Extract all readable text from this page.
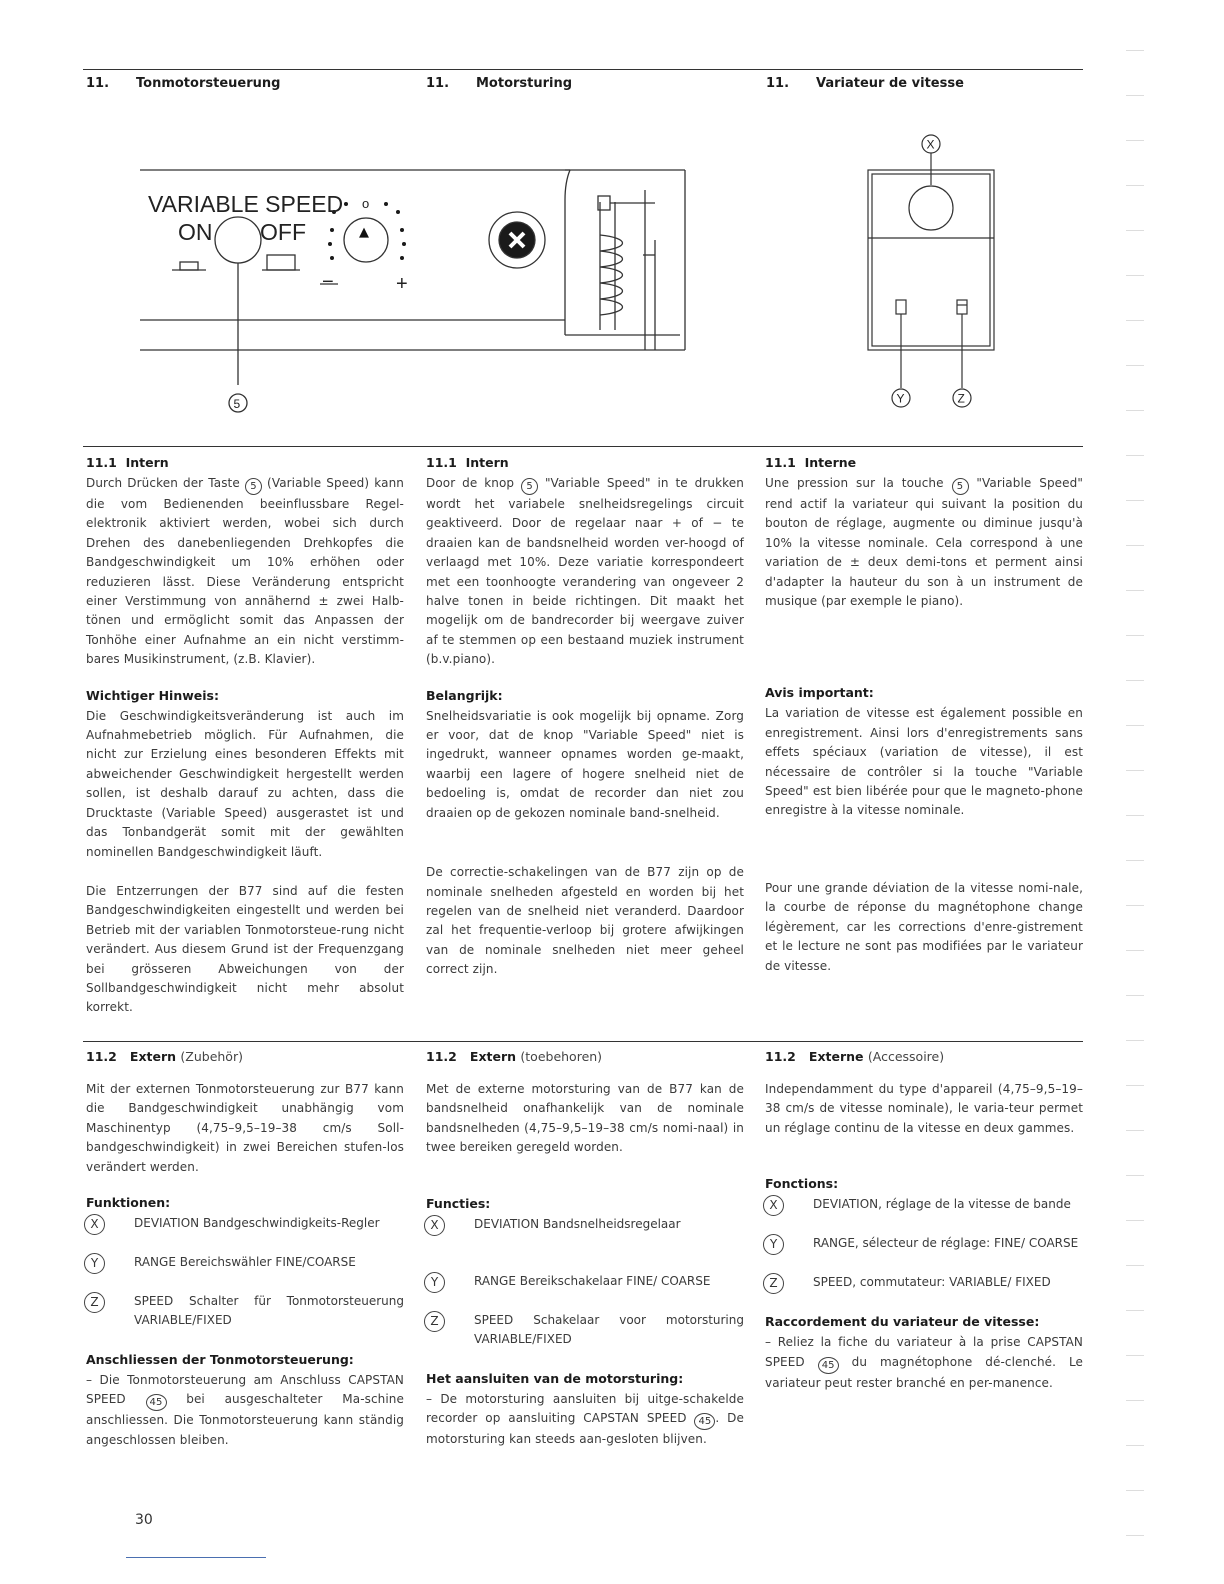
11. Tonmotorsteuerung	11. Motorsturing	11. Variateur de vitesse
VARIABLE SPEED
ON OFF
o
▲
−	+
5
X
Y	Z
11.1 Intern

Durch Drücken der Taste 5 (Variable Speed) kann die vom Bedienenden beeinflussbare Regel-elektronik aktiviert werden, wobei sich durch Drehen des danebenliegenden Drehkopfes die Bandgeschwindigkeit um 10% erhöhen oder reduzieren lässt. Diese Veränderung entspricht einer Verstimmung von annähernd ± zwei Halb-tönen und ermöglicht somit das Anpassen der Tonhöhe einer Aufnahme an ein nicht verstimm-bares Musikinstrument, (z.B. Klavier).

Wichtiger Hinweis:

Die Geschwindigkeitsveränderung ist auch im Aufnahmebetrieb möglich. Für Aufnahmen, die nicht zur Erzielung eines besonderen Effekts mit abweichender Geschwindigkeit hergestellt werden sollen, ist deshalb darauf zu achten, dass die Drucktaste (Variable Speed) ausgerastet ist und das Tonbandgerät somit mit der gewählten nominellen Bandgeschwindigkeit läuft.

Die Entzerrungen der B77 sind auf die festen Bandgeschwindigkeiten eingestellt und werden bei Betrieb mit der variablen Tonmotorsteue-rung nicht verändert. Aus diesem Grund ist der Frequenzgang bei grösseren Abweichungen von der Sollbandgeschwindigkeit nicht mehr absolut korrekt.

11.1 Intern

Door de knop 5 "Variable Speed" in te drukken wordt het variabele snelheidsregelings circuit geaktiveerd. Door de regelaar naar + of − te draaien kan de bandsnelheid worden ver-hoogd of verlaagd met 10%. Deze variatie korrespondeert met een toonhoogte verandering van ongeveer 2 halve tonen in beide richtingen. Dit maakt het mogelijk om de bandrecorder bij weergave zuiver af te stemmen op een bestaand muziek instrument (b.v.piano).

Belangrijk:

Snelheidsvariatie is ook mogelijk bij opname. Zorg er voor, dat de knop "Variable Speed" niet is ingedrukt, wanneer opnames worden ge-maakt, waarbij een lagere of hogere snelheid niet de bedoeling is, omdat de recorder dan niet zou draaien op de gekozen nominale band-snelheid.

De correctie-schakelingen van de B77 zijn op de nominale snelheden afgesteld en worden bij het regelen van de snelheid niet veranderd. Daardoor zal het frequentie-verloop bij grotere afwijkingen van de nominale snelheden niet meer geheel correct zijn.

11.1 Interne

Une pression sur la touche 5 "Variable Speed" rend actif la variateur qui suivant la position du bouton de réglage, augmente ou diminue jusqu'à 10% la vitesse nominale. Cela correspond à une variation de ± deux demi-tons et perment ainsi d'adapter la hauteur du son à un instrument de musique (par exemple le piano).

Avis important:

La variation de vitesse est également possible en enregistrement. Ainsi lors d'enregistrements sans effets spéciaux (variation de vitesse), il est nécessaire de contrôler si la touche "Variable Speed" est bien libérée pour que le magneto-phone enregistre à la vitesse nominale.

Pour une grande déviation de la vitesse nomi-nale, la courbe de réponse du magnétophone change légèrement, car les corrections d'enre-gistrement et le lecture ne sont pas modifiées par le variateur de vitesse.

11.2 Extern (Zubehör)

Mit der externen Tonmotorsteuerung zur B77 kann die Bandgeschwindigkeit unabhängig vom Maschinentyp (4,75–9,5–19–38 cm/s Soll-bandgeschwindigkeit) in zwei Bereichen stufen-los verändert werden.

Funktionen:
X	DEVIATION Bandgeschwindigkeits-Regler
Y	RANGE Bereichswähler FINE/COARSE
Z	SPEED Schalter für Tonmotorsteuerung VARIABLE/FIXED
Anschliessen der Tonmotorsteuerung:

– Die Tonmotorsteuerung am Anschluss CAPSTAN SPEED 45 bei ausgeschalteter Ma-schine anschliessen. Die Tonmotorsteuerung kann ständig angeschlossen bleiben.

11.2 Extern (toebehoren)

Met de externe motorsturing van de B77 kan de bandsnelheid onafhankelijk van de nominale bandsnelheden (4,75–9,5–19–38 cm/s nomi-naal) in twee bereiken geregeld worden.

Functies:
X	DEVIATION Bandsnelheidsregelaar
Y	RANGE Bereikschakelaar FINE/ COARSE
Z	SPEED Schakelaar voor motorsturing VARIABLE/FIXED
Het aansluiten van de motorsturing:

– De motorsturing aansluiten bij uitge-schakelde recorder op aansluiting CAPSTAN SPEED 45 . De motorsturing kan steeds aan-gesloten blijven.

11.2 Externe (Accessoire)

Independamment du type d'appareil (4,75–9,5–19–38 cm/s de vitesse nominale), le varia-teur permet un réglage continu de la vitesse en deux gammes.

Fonctions:
X	DEVIATION, réglage de la vitesse de bande
Y	RANGE, sélecteur de réglage: FINE/ COARSE
Z	SPEED, commutateur: VARIABLE/ FIXED
Raccordement du variateur de vitesse:

– Reliez la fiche du variateur à la prise CAPSTAN SPEED 45 du magnétophone dé-clenché. Le variateur peut rester branché en per-manence.

30
